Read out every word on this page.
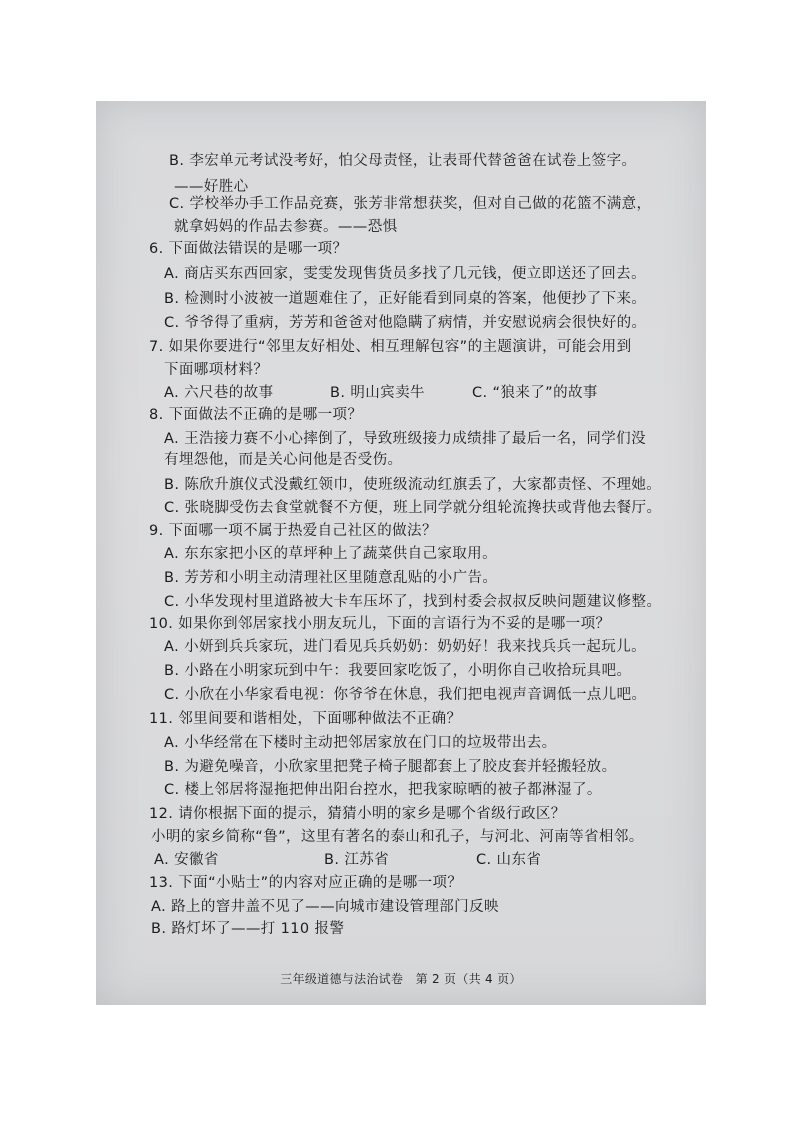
B. 李宏单元考试没考好，怕父母责怪，让表哥代替爸爸在试卷上签字。
——好胜心
C. 学校举办手工作品竞赛，张芳非常想获奖，但对自己做的花篮不满意，
就拿妈妈的作品去参赛。——恐惧
6. 下面做法错误的是哪一项？
A. 商店买东西回家，雯雯发现售货员多找了几元钱，便立即送还了回去。
B. 检测时小波被一道题难住了，正好能看到同桌的答案，他便抄了下来。
C. 爷爷得了重病，芳芳和爸爸对他隐瞒了病情，并安慰说病会很快好的。
7. 如果你要进行“邻里友好相处、相互理解包容”的主题演讲，可能会用到
下面哪项材料？
A. 六尺巷的故事	B. 明山宾卖牛	C. “狼来了”的故事
8. 下面做法不正确的是哪一项？
A. 王浩接力赛不小心摔倒了，导致班级接力成绩排了最后一名，同学们没
有埋怨他，而是关心问他是否受伤。
B. 陈欣升旗仪式没戴红领巾，使班级流动红旗丢了，大家都责怪、不理她。
C. 张晓脚受伤去食堂就餐不方便，班上同学就分组轮流搀扶或背他去餐厅。
9. 下面哪一项不属于热爱自己社区的做法？
A. 东东家把小区的草坪种上了蔬菜供自己家取用。
B. 芳芳和小明主动清理社区里随意乱贴的小广告。
C. 小华发现村里道路被大卡车压坏了，找到村委会叔叔反映问题建议修整。
10. 如果你到邻居家找小朋友玩儿，下面的言语行为不妥的是哪一项？
A. 小妍到兵兵家玩，进门看见兵兵奶奶：奶奶好！我来找兵兵一起玩儿。
B. 小路在小明家玩到中午：我要回家吃饭了，小明你自己收拾玩具吧。
C. 小欣在小华家看电视：你爷爷在休息，我们把电视声音调低一点儿吧。
11. 邻里间要和谐相处，下面哪种做法不正确？
A. 小华经常在下楼时主动把邻居家放在门口的垃圾带出去。
B. 为避免噪音，小欣家里把凳子椅子腿都套上了胶皮套并轻搬轻放。
C. 楼上邻居将湿拖把伸出阳台控水，把我家晾晒的被子都淋湿了。
12. 请你根据下面的提示，猜猜小明的家乡是哪个省级行政区？
小明的家乡简称“鲁”，这里有著名的泰山和孔子，与河北、河南等省相邻。
A. 安徽省	B. 江苏省	C. 山东省
13. 下面“小贴士”的内容对应正确的是哪一项？
A. 路上的窨井盖不见了——向城市建设管理部门反映
B. 路灯坏了——打 110 报警
三年级道德与法治试卷　第 2 页（共 4 页）
